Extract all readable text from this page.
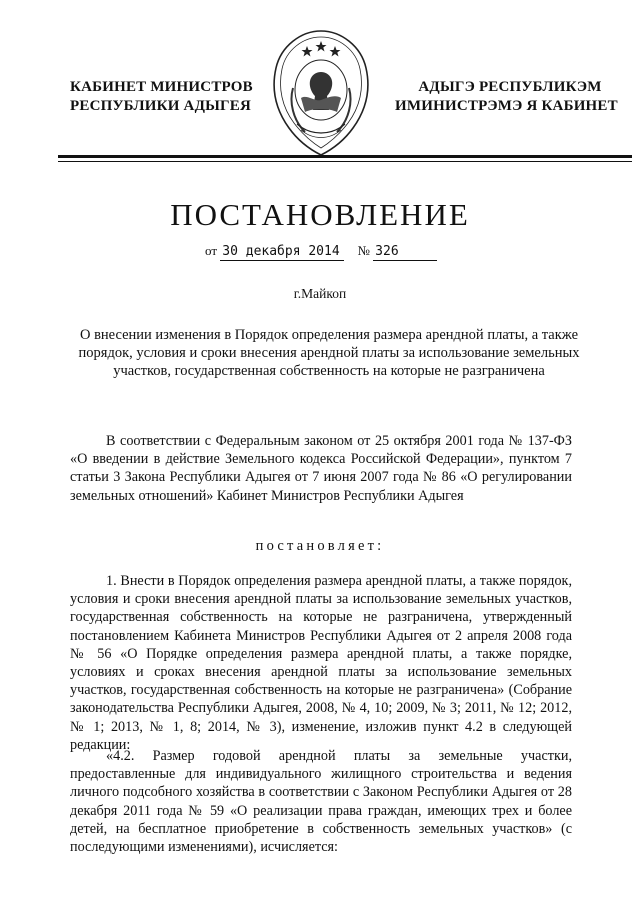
КАБИНЕТ МИНИСТРОВ
РЕСПУБЛИКИ АДЫГЕЯ
АДЫГЭ РЕСПУБЛИКЭМ
ИМИНИСТРЭМЭ Я КАБИНЕТ
ПОСТАНОВЛЕНИЕ
от 30 декабря 2014 № 326
г.Майкоп
О внесении изменения в Порядок определения размера арендной платы, а также порядок, условия и сроки внесения арендной платы за использование земельных участков, государственная собственность на которые не разграничена

В соответствии с Федеральным законом от 25 октября 2001 года № 137-ФЗ «О введении в действие Земельного кодекса Российской Федерации», пунктом 7 статьи 3 Закона Республики Адыгея от 7 июня 2007 года № 86 «О регулировании земельных отношений» Кабинет Министров Республики Адыгея

постановляет:

1. Внести в Порядок определения размера арендной платы, а также порядок, условия и сроки внесения арендной платы за использование земельных участков, государственная собственность на которые не разграничена, утвержденный постановлением Кабинета Министров Республики Адыгея от 2 апреля 2008 года № 56 «О Порядке определения размера арендной платы, а также порядке, условиях и сроках внесения арендной платы за использование земельных участков, государственная собственность на которые не разграничена» (Собрание законодательства Республики Адыгея, 2008, № 4, 10; 2009, № 3; 2011, № 12; 2012, № 1; 2013, № 1, 8; 2014, № 3), изменение, изложив пункт 4.2 в следующей редакции:

«4.2. Размер годовой арендной платы за земельные участки, предоставленные для индивидуального жилищного строительства и ведения личного подсобного хозяйства в соответствии с Законом Республики Адыгея от 28 декабря 2011 года № 59 «О реализации права граждан, имеющих трех и более детей, на бесплатное приобретение в собственность земельных участков» (с последующими изменениями), исчисляется:
